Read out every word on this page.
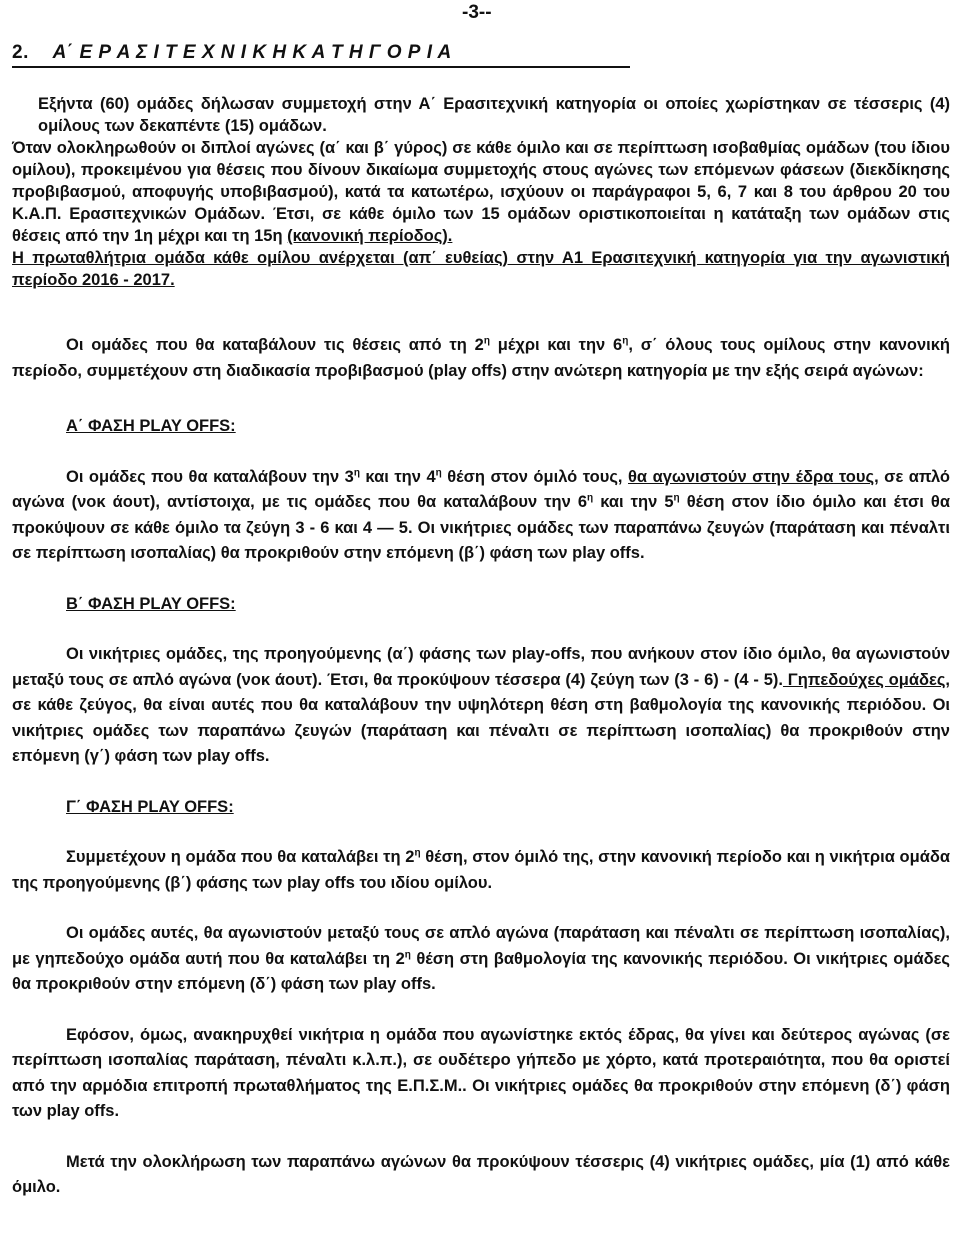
-3--
2. Α΄ Ε Ρ Α Σ Ι Τ Ε Χ Ν Ι Κ Η Κ Α Τ Η Γ Ο Ρ Ι Α
Εξήντα (60) ομάδες δήλωσαν συμμετοχή στην Α΄ Ερασιτεχνική κατηγορία οι οποίες χωρίστηκαν σε τέσσερις (4) ομίλους των δεκαπέντε (15) ομάδων.
Όταν ολοκληρωθούν οι διπλοί αγώνες (α΄ και β΄ γύρος) σε κάθε όμιλο και σε περίπτωση ισοβαθμίας ομάδων (του ίδιου ομίλου), προκειμένου για θέσεις που δίνουν δικαίωμα συμμετοχής στους αγώνες των επόμενων φάσεων (διεκδίκησης προβιβασμού, αποφυγής υποβιβασμού), κατά τα κατωτέρω, ισχύουν οι παράγραφοι 5, 6, 7 και 8 του άρθρου 20 του Κ.Α.Π. Ερασιτεχνικών Ομάδων. Έτσι, σε κάθε όμιλο των 15 ομάδων οριστικοποιείται η κατάταξη των ομάδων στις θέσεις από την 1η μέχρι και τη 15η (κανονική περίοδος).
Η πρωταθλήτρια ομάδα κάθε ομίλου ανέρχεται (απ΄ ευθείας) στην Α1 Ερασιτεχνική κατηγορία για την αγωνιστική περίοδο 2016 - 2017.

Οι ομάδες που θα καταβάλουν τις θέσεις από τη $2^\eta$ μέχρι και την $6^\eta$, σ΄ όλους τους ομίλους στην κανονική περίοδο, συμμετέχουν στη διαδικασία προβιβασμού (play offs) στην ανώτερη κατηγορία με την εξής σειρά αγώνων:

Α΄ ΦΑΣΗ PLAY OFFS:

Οι ομάδες που θα καταλάβουν την $3^\eta$ και την $4^\eta$ θέση στον όμιλό τους, θα αγωνιστούν στην έδρα τους, σε απλό αγώνα (νοκ άουτ), αντίστοιχα, με τις ομάδες που θα καταλάβουν την $6^\eta$ και την $5^\eta$ θέση στον ίδιο όμιλο και έτσι θα προκύψουν σε κάθε όμιλο τα ζεύγη 3 - 6 και 4 — 5. Οι νικήτριες ομάδες των παραπάνω ζευγών (παράταση και πέναλτι σε περίπτωση ισοπαλίας) θα προκριθούν στην επόμενη (β΄) φάση των play offs.

Β΄ ΦΑΣΗ PLAY OFFS:

Οι νικήτριες ομάδες, της προηγούμενης (α΄) φάσης των play-offs, που ανήκουν στον ίδιο όμιλο, θα αγωνιστούν μεταξύ τους σε απλό αγώνα (νοκ άουτ). Έτσι, θα προκύψουν τέσσερα (4) ζεύγη των (3 - 6) - (4 - 5). Γηπεδούχες ομάδες, σε κάθε ζεύγος, θα είναι αυτές που θα καταλάβουν την υψηλότερη θέση στη βαθμολογία της κανονικής περιόδου. Οι νικήτριες ομάδες των παραπάνω ζευγών (παράταση και πέναλτι σε περίπτωση ισοπαλίας) θα προκριθούν στην επόμενη (γ΄) φάση των play offs.

Γ΄ ΦΑΣΗ PLAY OFFS:

Συμμετέχουν η ομάδα που θα καταλάβει τη $2^\eta$ θέση, στον όμιλό της, στην κανονική περίοδο και η νικήτρια ομάδα της προηγούμενης (β΄) φάσης των play offs του ιδίου ομίλου.

Οι ομάδες αυτές, θα αγωνιστούν μεταξύ τους σε απλό αγώνα (παράταση και πέναλτι σε περίπτωση ισοπαλίας), με γηπεδούχο ομάδα αυτή που θα καταλάβει τη $2^\eta$ θέση στη βαθμολογία της κανονικής περιόδου. Οι νικήτριες ομάδες θα προκριθούν στην επόμενη (δ΄) φάση των play offs.

Εφόσον, όμως, ανακηρυχθεί νικήτρια η ομάδα που αγωνίστηκε εκτός έδρας, θα γίνει και δεύτερος αγώνας (σε περίπτωση ισοπαλίας παράταση, πέναλτι κ.λ.π.), σε ουδέτερο γήπεδο με χόρτο, κατά προτεραιότητα, που θα οριστεί από την αρμόδια επιτροπή πρωταθλήματος της Ε.Π.Σ.Μ.. Οι νικήτριες ομάδες θα προκριθούν στην επόμενη (δ΄) φάση των play offs.

Μετά την ολοκλήρωση των παραπάνω αγώνων θα προκύψουν τέσσερις (4) νικήτριες ομάδες, μία (1) από κάθε όμιλο.
